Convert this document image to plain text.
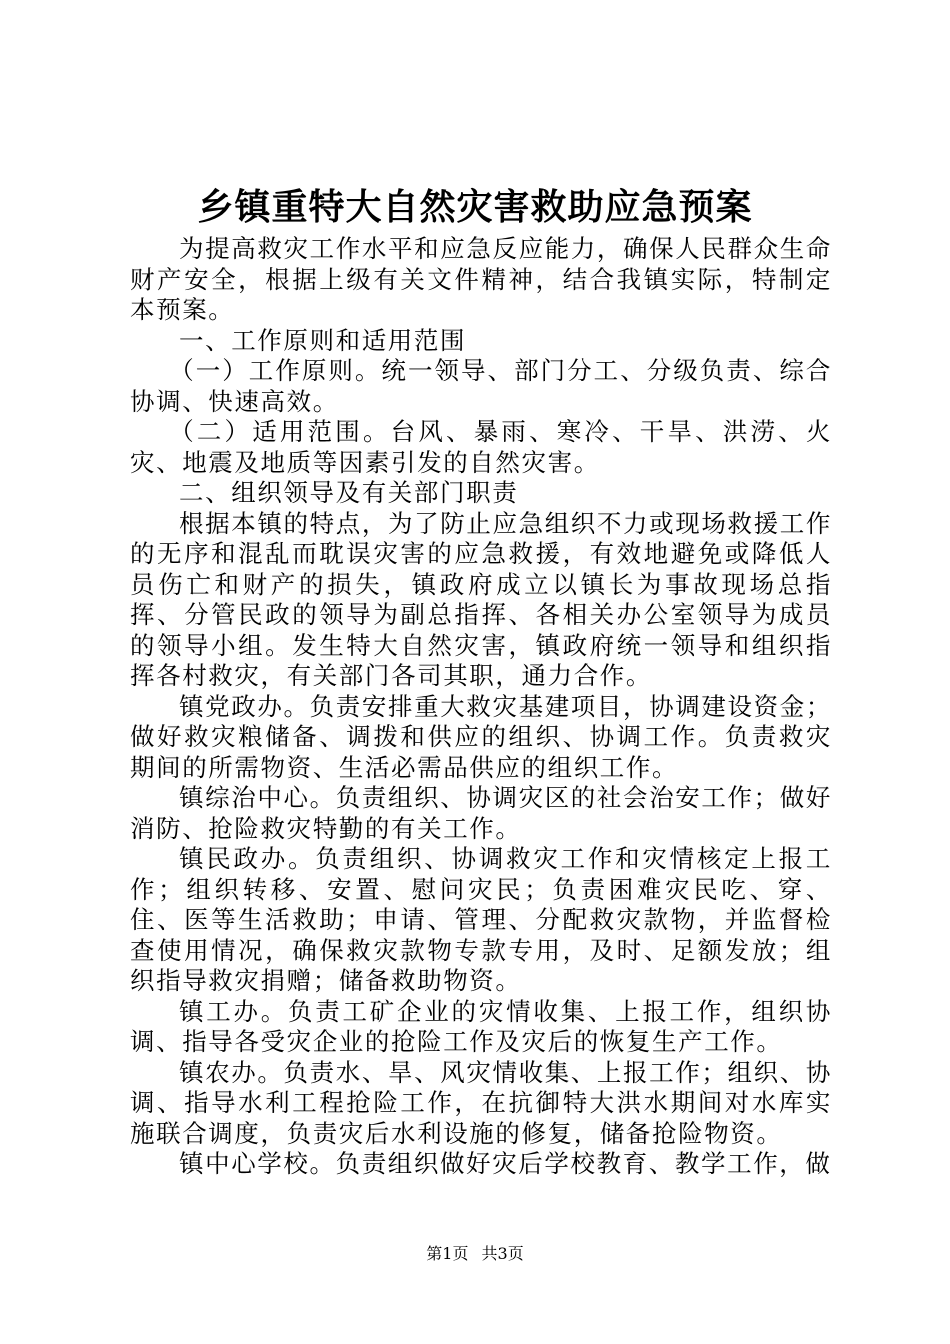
乡镇重特大自然灾害救助应急预案

为提高救灾工作水平和应急反应能力，确保人民群众生命财产安全，根据上级有关文件精神，结合我镇实际，特制定本预案。

一、工作原则和适用范围

（一）工作原则。统一领导、部门分工、分级负责、综合协调、快速高效。

（二）适用范围。台风、暴雨、寒冷、干旱、洪涝、火灾、地震及地质等因素引发的自然灾害。

二、组织领导及有关部门职责

根据本镇的特点，为了防止应急组织不力或现场救援工作的无序和混乱而耽误灾害的应急救援，有效地避免或降低人员伤亡和财产的损失，镇政府成立以镇长为事故现场总指挥、分管民政的领导为副总指挥、各相关办公室领导为成员的领导小组。发生特大自然灾害，镇政府统一领导和组织指挥各村救灾，有关部门各司其职，通力合作。

镇党政办。负责安排重大救灾基建项目，协调建设资金；做好救灾粮储备、调拨和供应的组织、协调工作。负责救灾期间的所需物资、生活必需品供应的组织工作。

镇综治中心。负责组织、协调灾区的社会治安工作；做好消防、抢险救灾特勤的有关工作。

镇民政办。负责组织、协调救灾工作和灾情核定上报工作；组织转移、安置、慰问灾民；负责困难灾民吃、穿、住、医等生活救助；申请、管理、分配救灾款物，并监督检查使用情况，确保救灾款物专款专用，及时、足额发放；组织指导救灾捐赠；储备救助物资。

镇工办。负责工矿企业的灾情收集、上报工作，组织协调、指导各受灾企业的抢险工作及灾后的恢复生产工作。

镇农办。负责水、旱、风灾情收集、上报工作；组织、协调、指导水利工程抢险工作，在抗御特大洪水期间对水库实施联合调度，负责灾后水利设施的修复，储备抢险物资。

镇中心学校。负责组织做好灾后学校教育、教学工作，做

第1页 共3页
